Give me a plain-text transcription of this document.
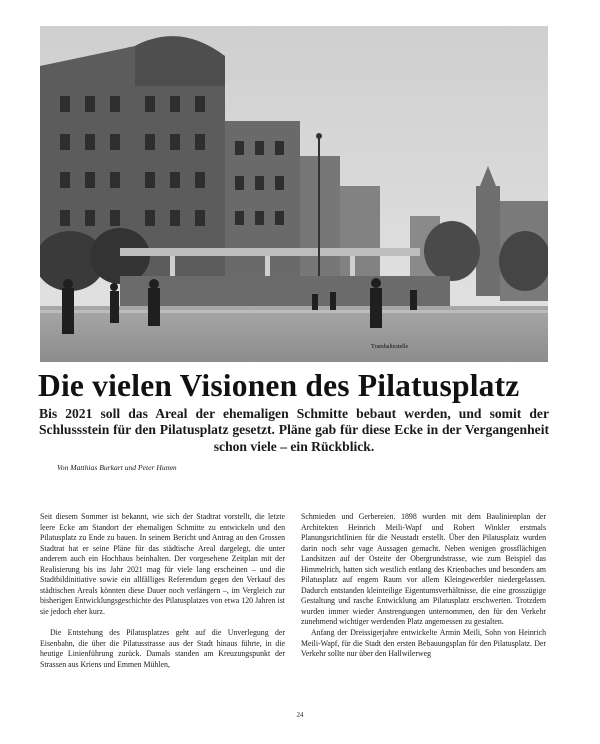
Tramhaltestelle
Die vielen Visionen des Pilatusplatz

Bis 2021 soll das Areal der ehemaligen Schmitte bebaut werden, und somit der Schlussstein für den Pilatusplatz gesetzt. Pläne gab für diese Ecke in der Vergangenheit schon viele – ein Rückblick.

Von Matthias Burkart und Peter Humm

Seit diesem Sommer ist bekannt, wie sich der Stadtrat vorstellt, die letzte leere Ecke am Standort der ehemaligen Schmitte zu entwickeln und den Pilatusplatz zu Ende zu bauen. In seinem Bericht und Antrag an den Grossen Stadtrat hat er seine Pläne für das städtische Areal dargelegt, die unter anderem auch ein Hochhaus beinhalten. Der vorgesehene Zeitplan mit der Realisierung bis ins Jahr 2021 mag für viele lang erscheinen – und die Stadtbildinitiative sowie ein allfälliges Referendum gegen den Verkauf des städtischen Areals könnten diese Dauer noch verlängern –, im Vergleich zur bisherigen Entwicklungsgeschichte des Pilatusplatzes von etwa 120 Jahren ist sie jedoch eher kurz.

Die Entstehung des Pilatusplatzes geht auf die Unverlegung der Eisenbahn, die über die Pilatusstrasse aus der Stadt hinaus führte, in die heutige Linienführung zurück. Damals standen am Kreuzungspunkt der Strassen aus Kriens und Emmen Mühlen,

Schmieden und Gerbereien. 1898 wurden mit dem Baulinienplan der Architekten Heinrich Meili-Wapf und Robert Winkler erstmals Planungsrichtlinien für die Neustadt erstellt. Über den Pilatusplatz wurden darin noch sehr vage Aussagen gemacht. Neben wenigen grossflächigen Landsitzen auf der Osteite der Obergrundstrasse, wie zum Beispiel das Himmelrich, hatten sich westlich entlang des Krienbaches und besonders am Pilatusplatz auf engem Raum vor allem Kleingewerbler niedergelassen. Dadurch entstanden kleinteilige Eigentumsverhältnisse, die eine grosszügige Gestaltung und rasche Entwicklung am Pilatusplatz erschwerten. Trotzdem wurden immer wieder Anstrengungen unternommen, den für den Verkehr zunehmend wichtiger werdenden Platz angemessen zu gestalten.

Anfang der Dreissigerjahre entwickelte Armin Meili, Sohn von Heinrich Meili-Wapf, für die Stadt den ersten Bebauungsplan für den Pilatusplatz. Der Verkehr sollte nur über den Hallwilerweg

24
